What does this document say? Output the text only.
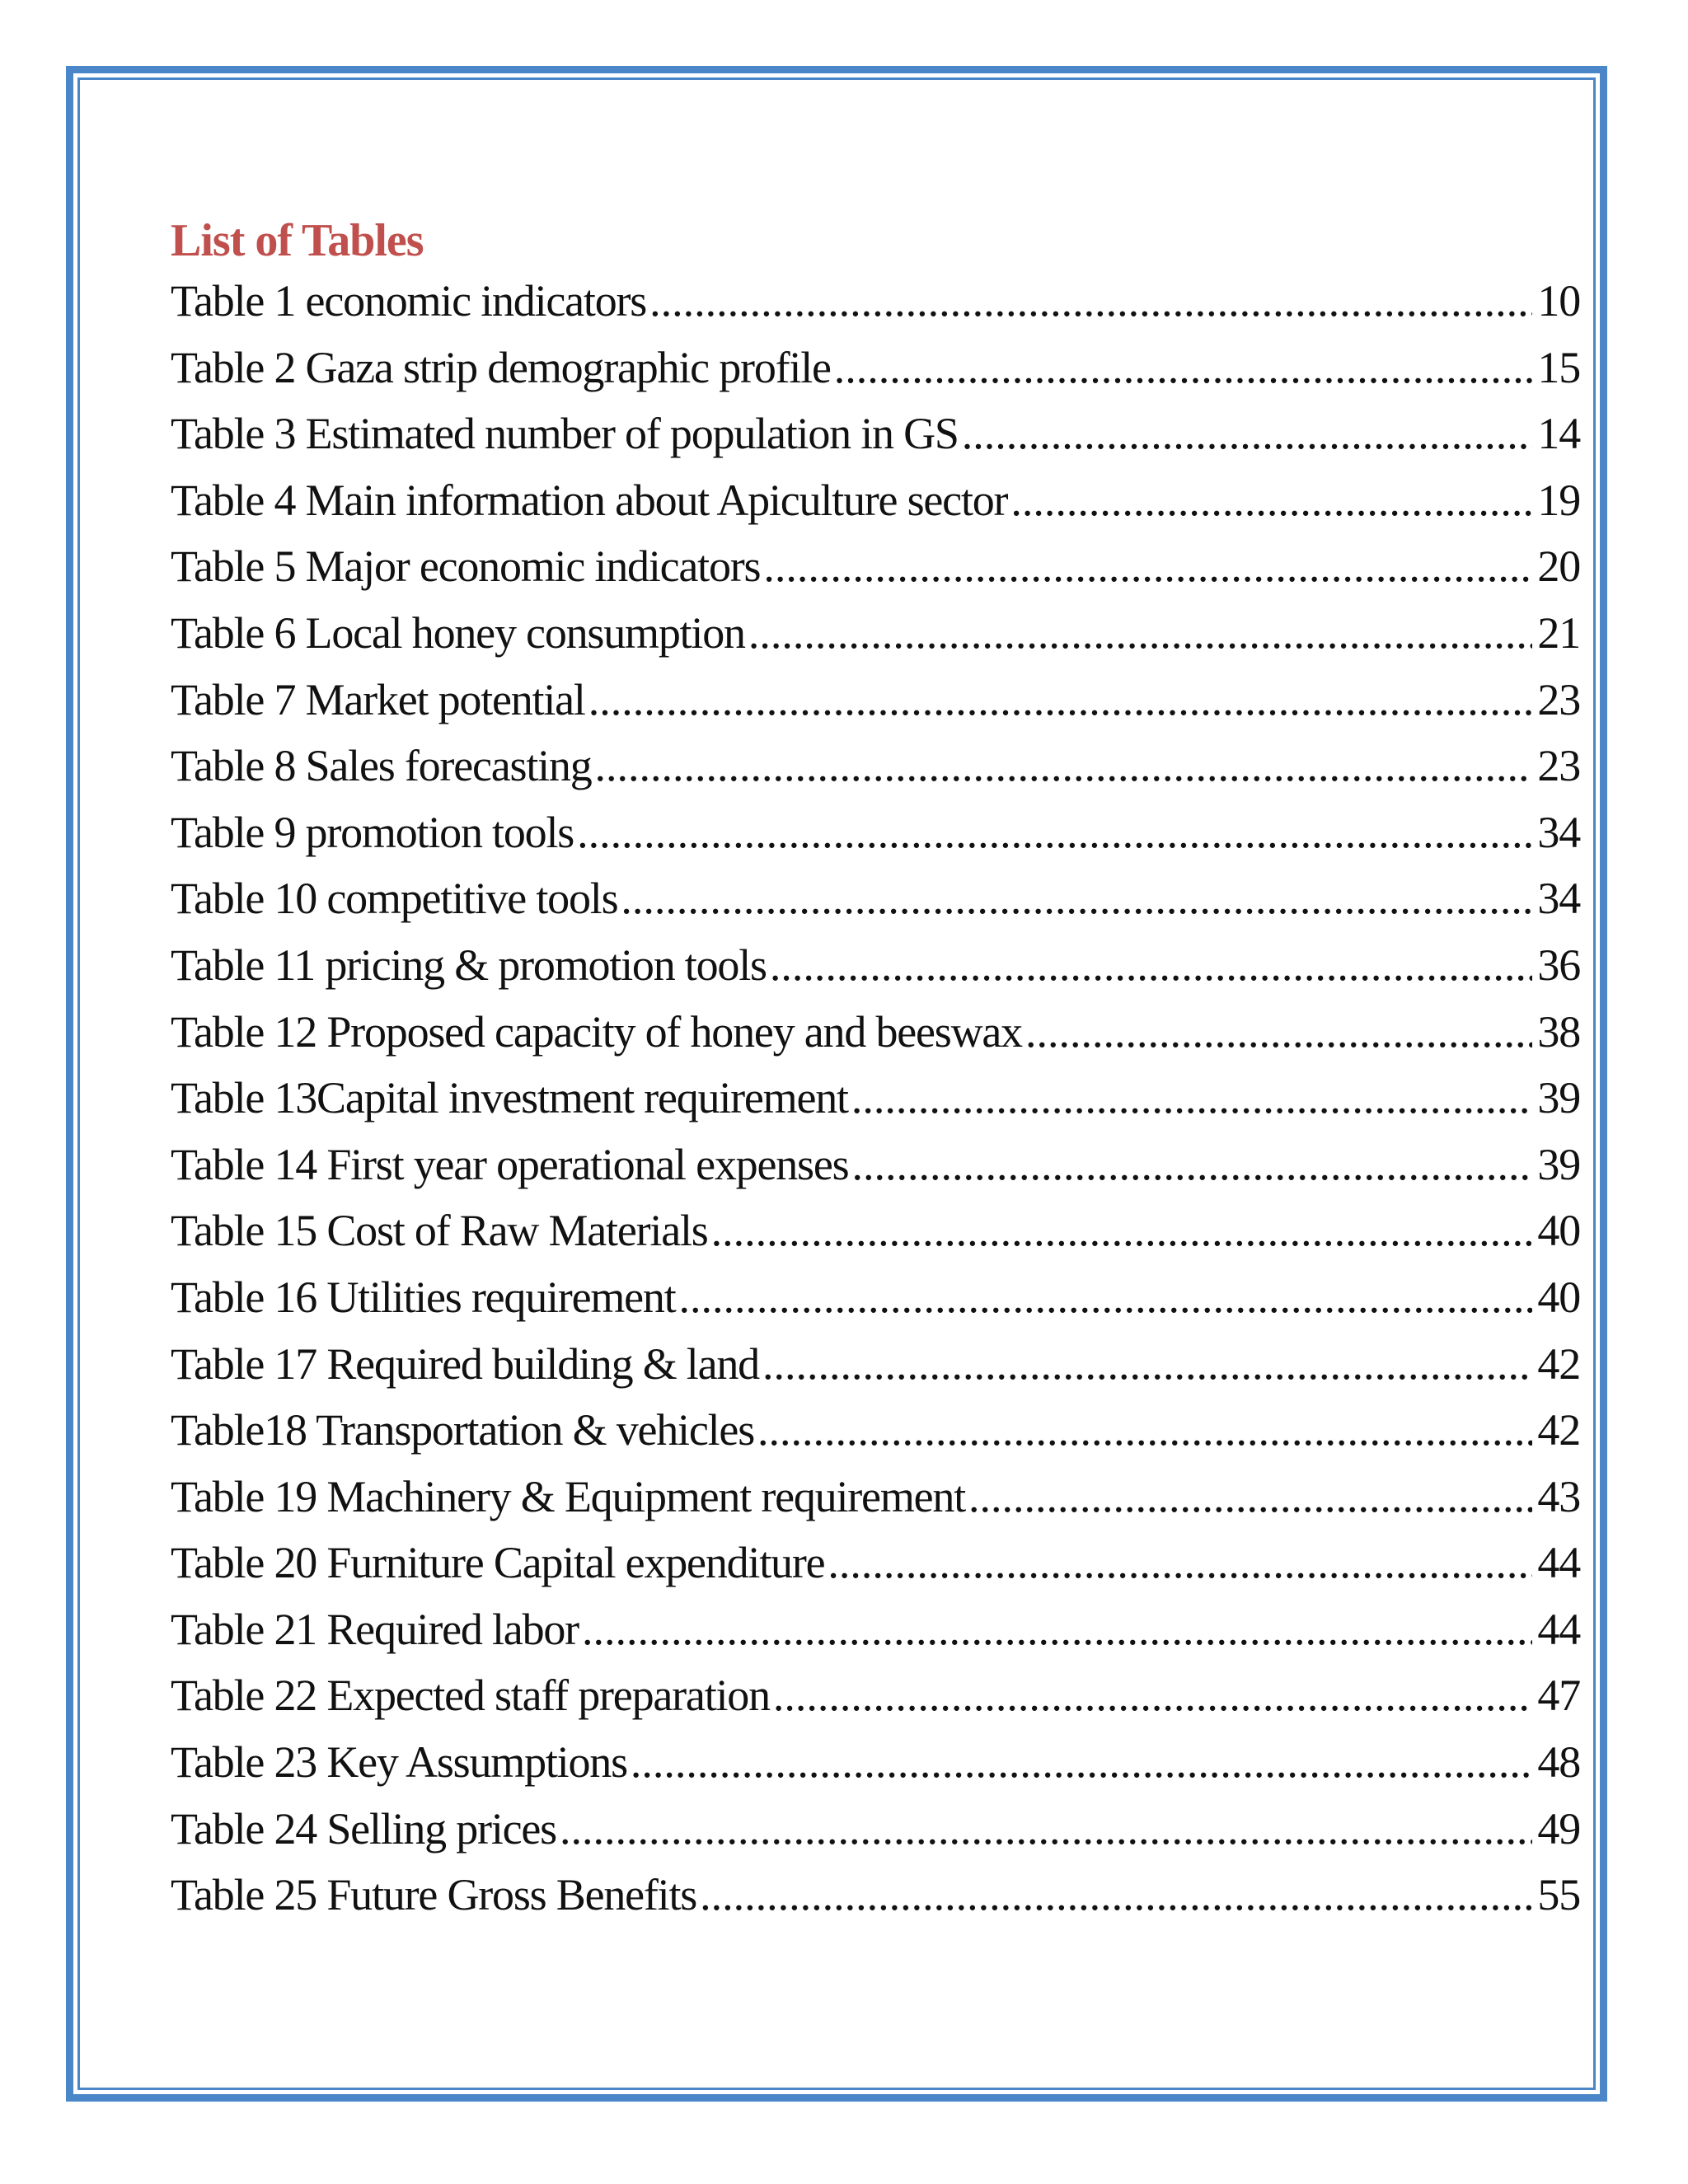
List of Tables
Table 1 economic indicators .....	10
Table 2 Gaza strip demographic profile .....	15
Table 3 Estimated number of population in GS .....	14
Table 4 Main information about Apiculture sector .....	19
Table 5 Major economic indicators .....	20
Table 6 Local honey consumption .....	21
Table 7 Market potential .....	23
Table 8 Sales forecasting .....	23
Table 9 promotion tools .....	34
Table 10 competitive tools .....	34
Table 11 pricing & promotion tools .....	36
Table 12 Proposed capacity of honey and beeswax .....	38
Table 13Capital investment requirement .....	39
Table 14 First year operational expenses .....	39
Table 15 Cost of Raw Materials .....	40
Table 16 Utilities requirement .....	40
Table 17 Required building & land .....	42
Table18 Transportation & vehicles .....	42
Table 19 Machinery & Equipment requirement .....	43
Table 20 Furniture Capital expenditure .....	44
Table 21 Required labor .....	44
Table 22 Expected staff preparation .....	47
Table 23 Key Assumptions .....	48
Table 24 Selling prices .....	49
Table 25 Future Gross Benefits .....	55
